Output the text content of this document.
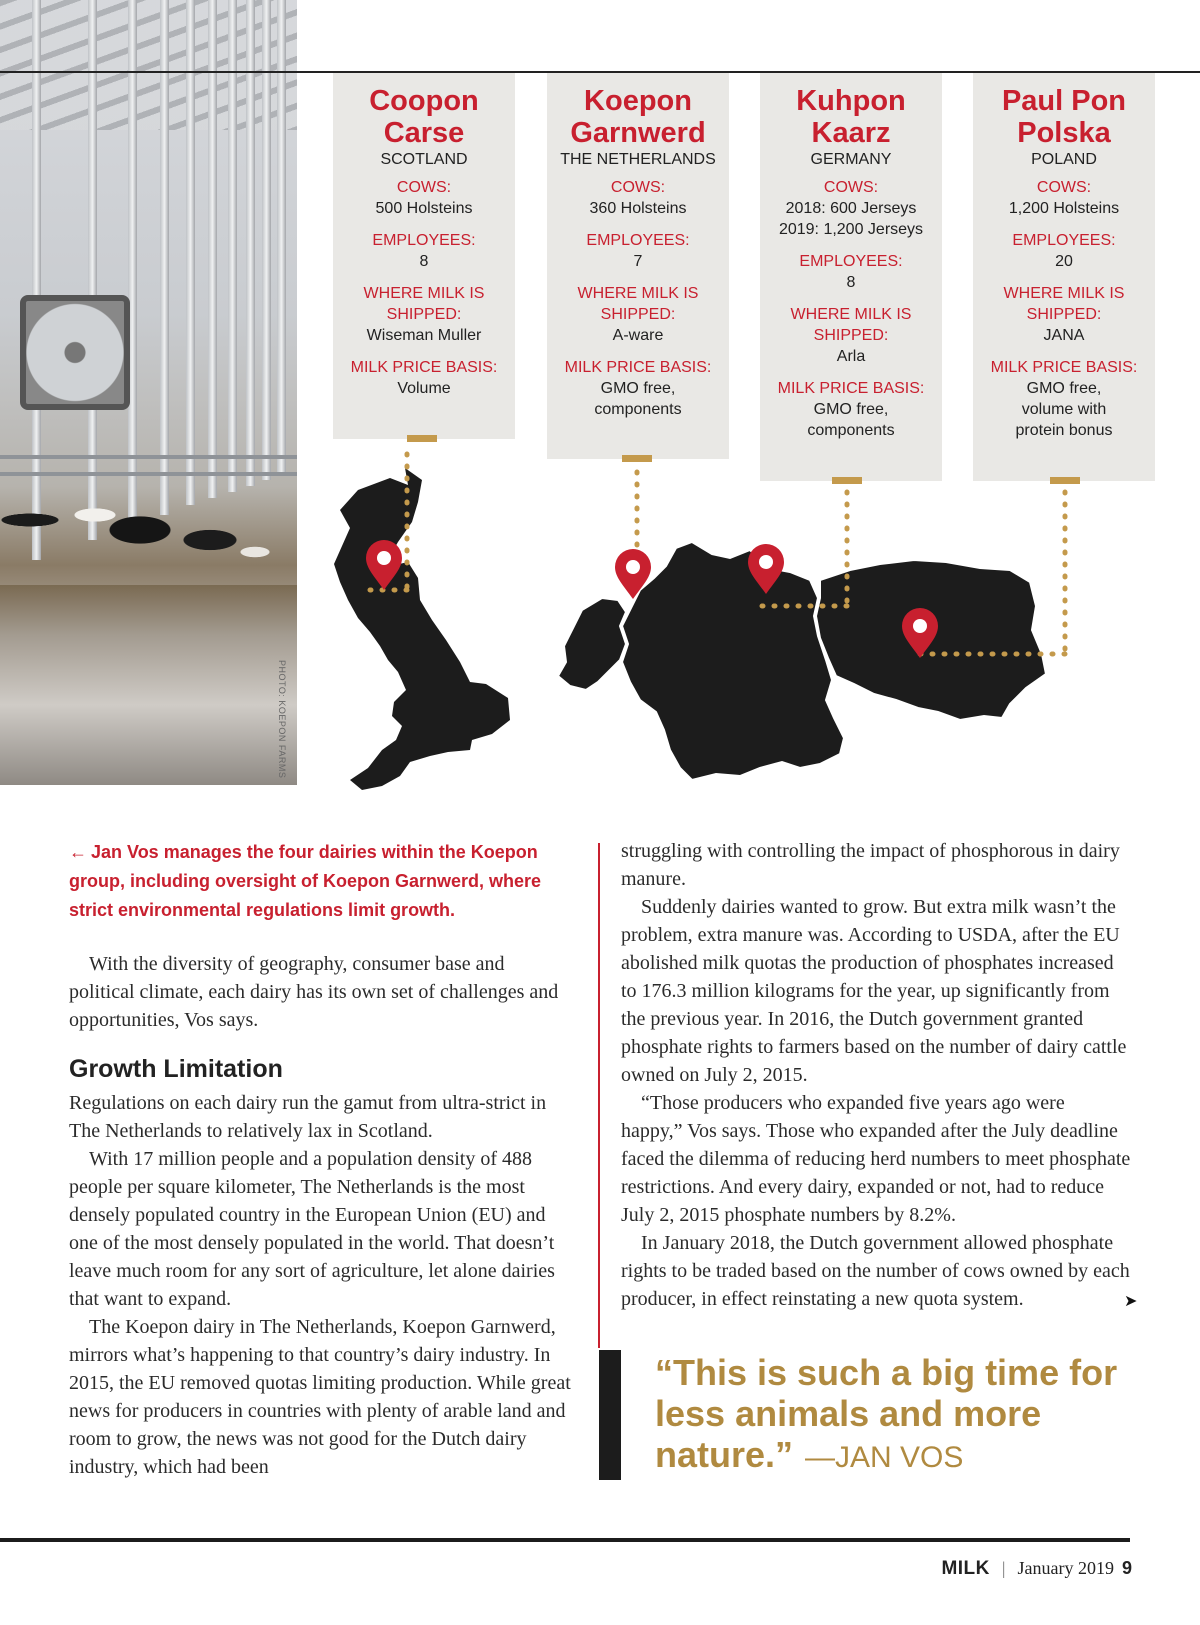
PHOTO: KOEPON FARMS
Coopon Carse
SCOTLAND
COWS:
500 Holsteins
EMPLOYEES:
8
WHERE MILK IS SHIPPED:
Wiseman Muller
MILK PRICE BASIS:
Volume
Koepon Garnwerd
THE NETHERLANDS
COWS:
360 Holsteins
EMPLOYEES:
7
WHERE MILK IS SHIPPED:
A-ware
MILK PRICE BASIS:
GMO free, components
Kuhpon Kaarz
GERMANY
COWS:
2018: 600 Jerseys
2019: 1,200 Jerseys
EMPLOYEES:
8
WHERE MILK IS SHIPPED:
Arla
MILK PRICE BASIS:
GMO free, components
Paul Pon Polska
POLAND
COWS:
1,200 Holsteins
EMPLOYEES:
20
WHERE MILK IS SHIPPED:
JANA
MILK PRICE BASIS:
GMO free, volume with protein bonus
← Jan Vos manages the four dairies within the Koepon group, including oversight of Koepon Garnwerd, where strict environmental regulations limit growth.

With the diversity of geography, consumer base and political climate, each dairy has its own set of challenges and opportunities, Vos says.

Growth Limitation

Regulations on each dairy run the gamut from ultra-strict in The Netherlands to relatively lax in Scotland.

With 17 million people and a population density of 488 people per square kilometer, The Netherlands is the most densely populated country in the European Union (EU) and one of the most densely populated in the world. That doesn’t leave much room for any sort of agriculture, let alone dairies that want to expand.

The Koepon dairy in The Netherlands, Koepon Garnwerd, mirrors what’s happening to that country’s dairy industry. In 2015, the EU removed quotas limiting production. While great news for producers in countries with plenty of arable land and room to grow, the news was not good for the Dutch dairy industry, which had been

struggling with controlling the impact of phosphorous in dairy manure.

Suddenly dairies wanted to grow. But extra milk wasn’t the problem, extra manure was. According to USDA, after the EU abolished milk quotas the production of phosphates increased to 176.3 million kilograms for the year, up significantly from the previous year. In 2016, the Dutch government granted phosphate rights to farmers based on the number of dairy cattle owned on July 2, 2015.

“Those producers who expanded five years ago were happy,” Vos says. Those who expanded after the July deadline faced the dilemma of reducing herd numbers to meet phosphate restrictions. And every dairy, expanded or not, had to reduce July 2, 2015 phosphate numbers by 8.2%.

In January 2018, the Dutch government allowed phosphate rights to be traded based on the number of cows owned by each producer, in effect reinstating a new quota system.	➤
“This is such a big time for less animals and more nature.” —JAN VOS
MILK | January 2019 9
